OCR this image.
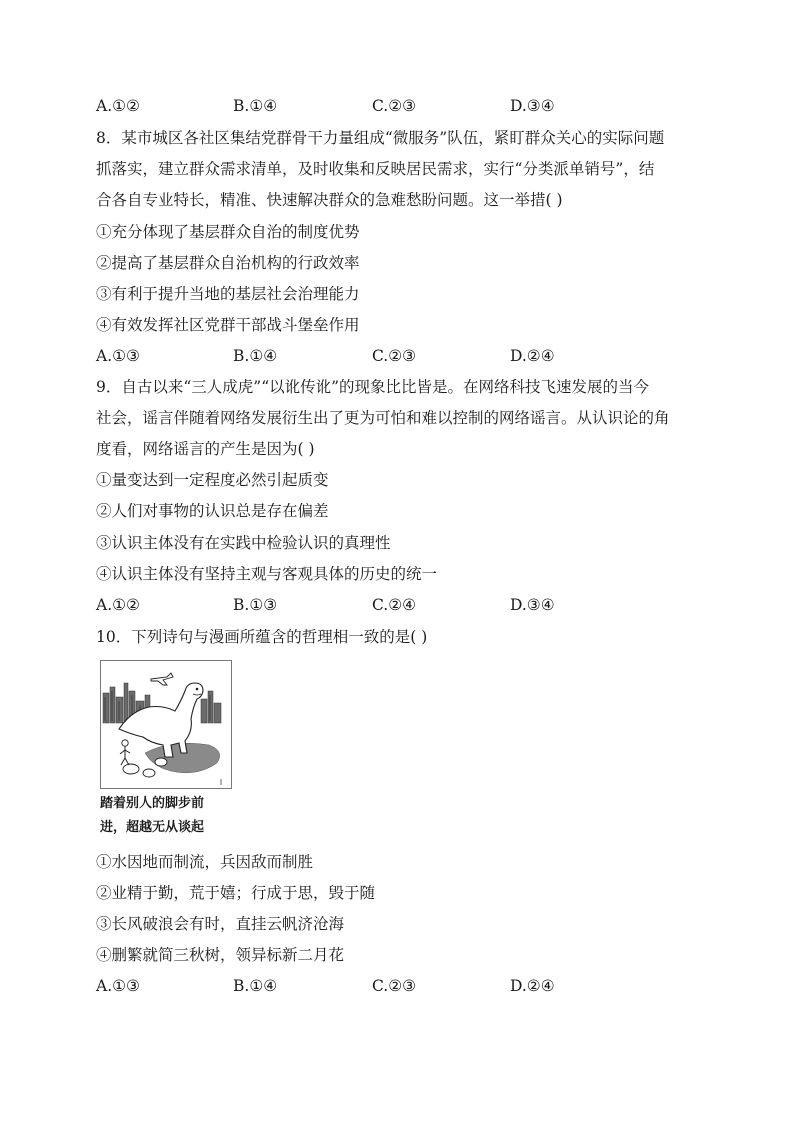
A.①②	B.①④	C.②③	D.③④
8．某市城区各社区集结党群骨干力量组成“微服务”队伍，紧盯群众关心的实际问题
抓落实，建立群众需求清单，及时收集和反映居民需求，实行“分类派单销号”，结
合各自专业特长，精准、快速解决群众的急难愁盼问题。这一举措( )
①充分体现了基层群众自治的制度优势
②提高了基层群众自治机构的行政效率
③有利于提升当地的基层社会治理能力
④有效发挥社区党群干部战斗堡垒作用
A.①③	B.①④	C.②③	D.②④
9．自古以来“三人成虎”“以讹传讹”的现象比比皆是。在网络科技飞速发展的当今
社会，谣言伴随着网络发展衍生出了更为可怕和难以控制的网络谣言。从认识论的角
度看，网络谣言的产生是因为( )
①量变达到一定程度必然引起质变
②人们对事物的认识总是存在偏差
③认识主体没有在实践中检验认识的真理性
④认识主体没有坚持主观与客观具体的历史的统一
A.①②	B.①③	C.②④	D.③④
10．下列诗句与漫画所蕴含的哲理相一致的是( )
踏着别人的脚步前
进，超越无从谈起
①水因地而制流，兵因敌而制胜
②业精于勤，荒于嬉；行成于思，毁于随
③长风破浪会有时，直挂云帆济沧海
④删繁就简三秋树，领异标新二月花
A.①③	B.①④	C.②③	D.②④
